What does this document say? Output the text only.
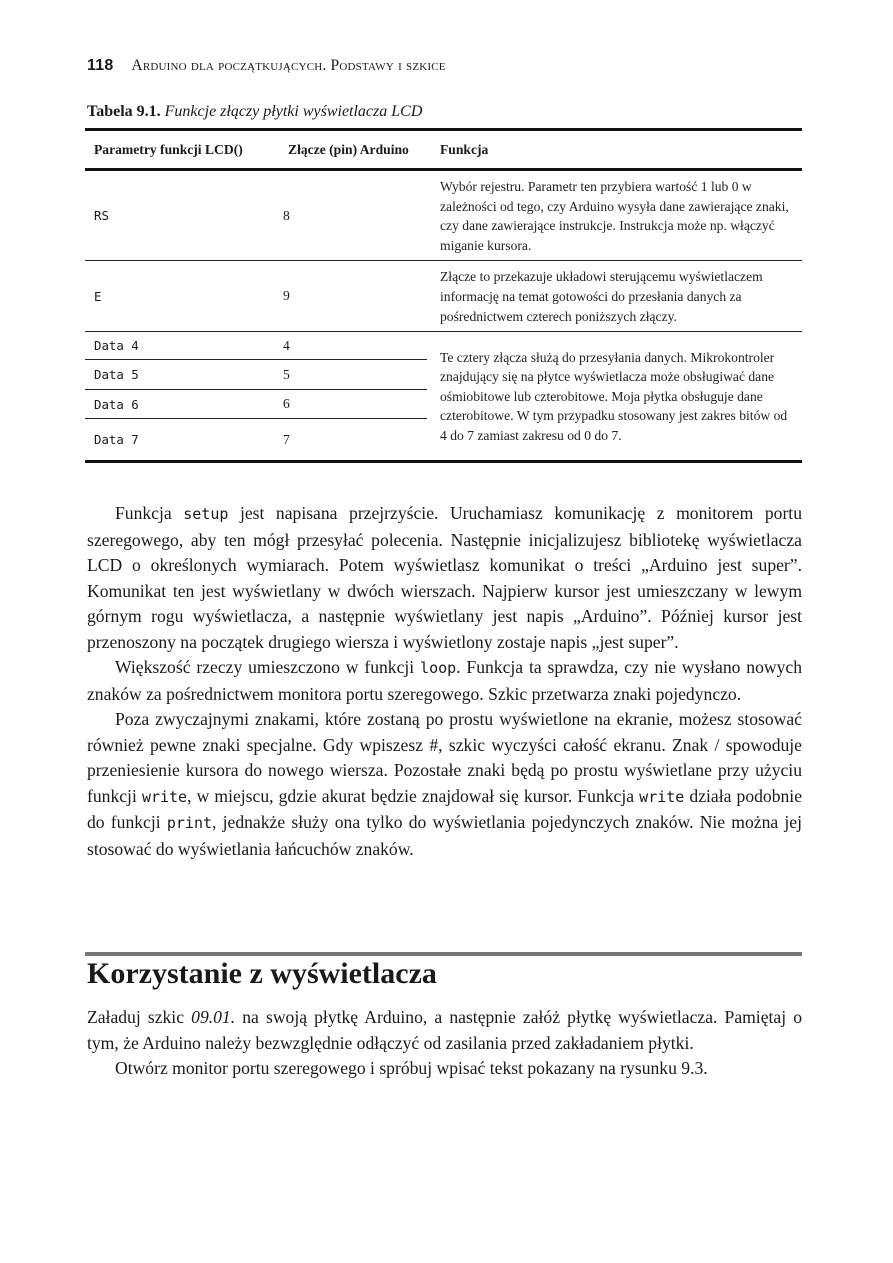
118 Arduino dla początkujących. Podstawy i szkice
Tabela 9.1. Funkcje złączy płytki wyświetlacza LCD
Parametry funkcji LCD()	Złącze (pin) Arduino	Funkcja
RS	8	Wybór rejestru. Parametr ten przybiera wartość 1 lub 0 w zależności od tego, czy Arduino wysyła dane zawierające znaki, czy dane zawierające instrukcje. Instrukcja może np. włączyć miganie kursora.
E	9	Złącze to przekazuje układowi sterującemu wyświetlaczem informację na temat gotowości do przesłania danych za pośrednictwem czterech poniższych złączy.
Data 4	4	Te cztery złącza służą do przesyłania danych. Mikrokontroler znajdujący się na płytce wyświetlacza może obsługiwać dane ośmiobitowe lub czterobitowe. Moja płytka obsługuje dane czterobitowe. W tym przypadku stosowany jest zakres bitów od 4 do 7 zamiast zakresu od 0 do 7.
Data 5	5	
Data 6	6	
Data 7	7	

Funkcja setup jest napisana przejrzyście. Uruchamiasz komunikację z monitorem portu szeregowego, aby ten mógł przesyłać polecenia. Następnie inicjalizujesz bibliotekę wyświetlacza LCD o określonych wymiarach. Potem wyświetlasz komunikat o treści „Arduino jest super”. Komunikat ten jest wyświetlany w dwóch wierszach. Najpierw kursor jest umieszczany w lewym górnym rogu wyświetlacza, a następnie wyświetlany jest napis „Arduino”. Później kursor jest przenoszony na początek drugiego wiersza i wyświetlony zostaje napis „jest super”.

Większość rzeczy umieszczono w funkcji loop. Funkcja ta sprawdza, czy nie wysłano nowych znaków za pośrednictwem monitora portu szeregowego. Szkic przetwarza znaki pojedynczo.

Poza zwyczajnymi znakami, które zostaną po prostu wyświetlone na ekranie, możesz stosować również pewne znaki specjalne. Gdy wpiszesz #, szkic wyczyści całość ekranu. Znak / spowoduje przeniesienie kursora do nowego wiersza. Pozostałe znaki będą po prostu wyświetlane przy użyciu funkcji write, w miejscu, gdzie akurat będzie znajdował się kursor. Funkcja write działa podobnie do funkcji print, jednakże służy ona tylko do wyświetlania pojedynczych znaków. Nie można jej stosować do wyświetlania łańcuchów znaków.

Korzystanie z wyświetlacza

Załaduj szkic 09.01. na swoją płytkę Arduino, a następnie załóż płytkę wyświetlacza. Pamiętaj o tym, że Arduino należy bezwzględnie odłączyć od zasilania przed zakładaniem płytki.

Otwórz monitor portu szeregowego i spróbuj wpisać tekst pokazany na rysunku 9.3.
